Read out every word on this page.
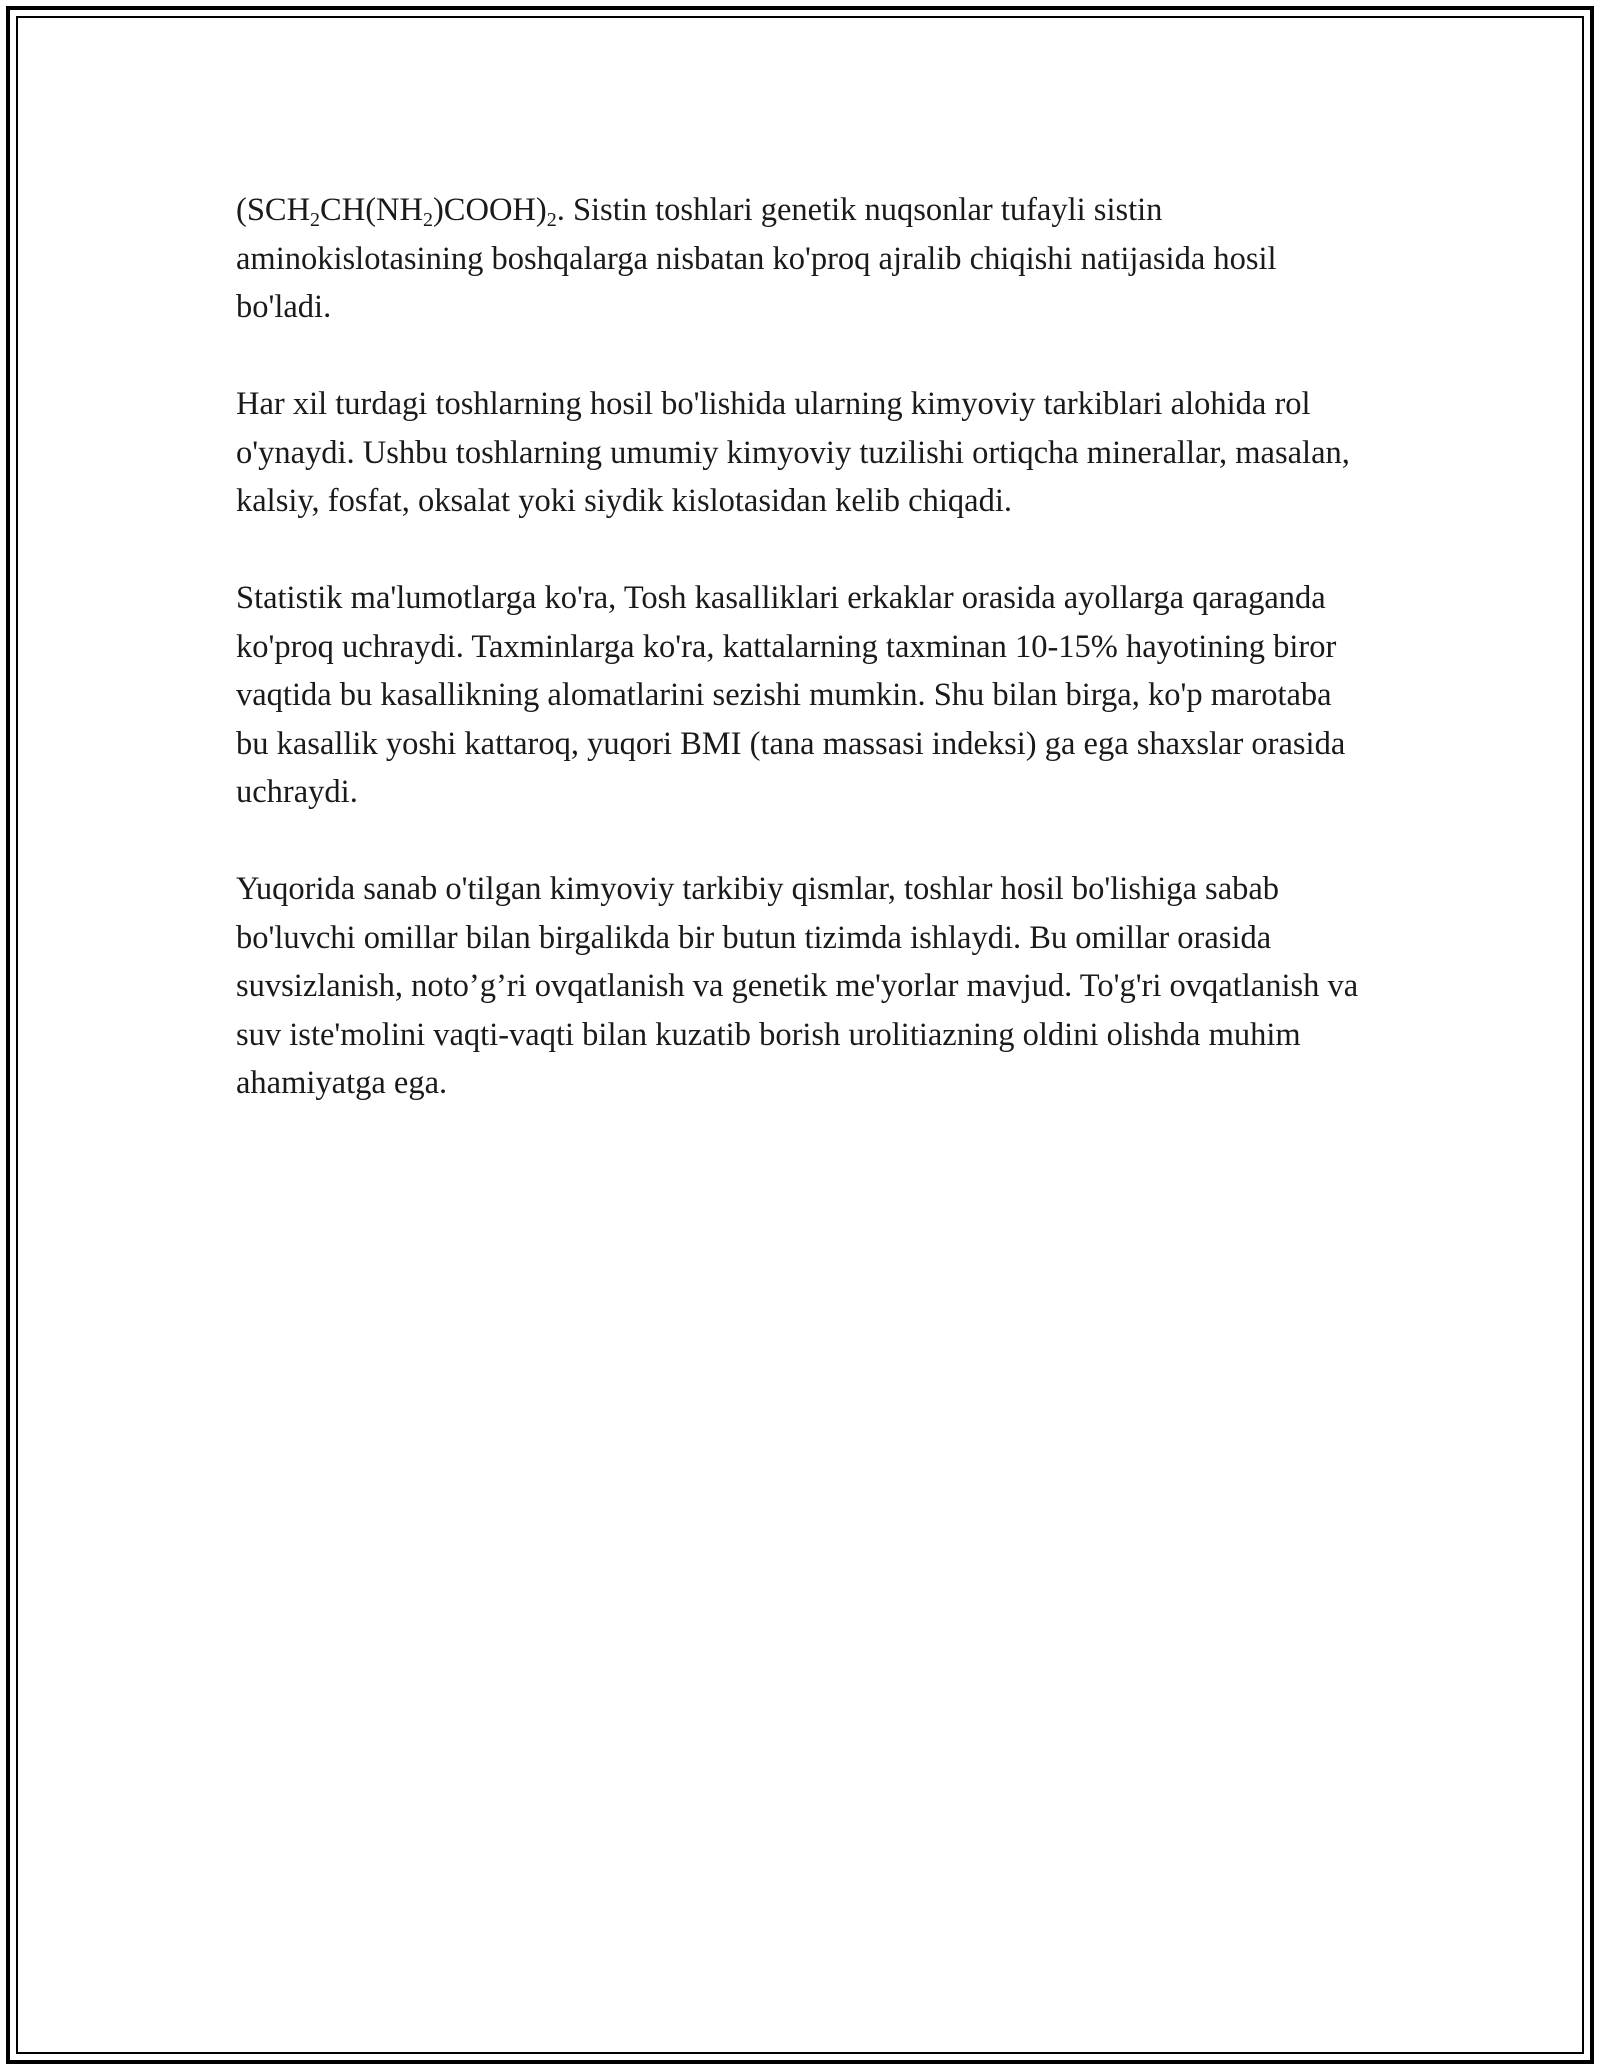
$(SCH_2CH(NH_2)COOH)_2$. Sistin toshlari genetik nuqsonlar tufayli sistin aminokislotasining boshqalarga nisbatan ko'proq ajralib chiqishi natijasida hosil bo'ladi.

Har xil turdagi toshlarning hosil bo'lishida ularning kimyoviy tarkiblari alohida rol o'ynaydi. Ushbu toshlarning umumiy kimyoviy tuzilishi ortiqcha minerallar, masalan, kalsiy, fosfat, oksalat yoki siydik kislotasidan kelib chiqadi.

Statistik ma'lumotlarga ko'ra, Tosh kasalliklari erkaklar orasida ayollarga qaraganda ko'proq uchraydi. Taxminlarga ko'ra, kattalarning taxminan 10-15% hayotining biror vaqtida bu kasallikning alomatlarini sezishi mumkin. Shu bilan birga, ko'p marotaba bu kasallik yoshi kattaroq, yuqori BMI (tana massasi indeksi) ga ega shaxslar orasida uchraydi.

Yuqorida sanab o'tilgan kimyoviy tarkibiy qismlar, toshlar hosil bo'lishiga sabab bo'luvchi omillar bilan birgalikda bir butun tizimda ishlaydi. Bu omillar orasida suvsizlanish, noto’g’ri ovqatlanish va genetik me'yorlar mavjud. To'g'ri ovqatlanish va suv iste'molini vaqti-vaqti bilan kuzatib borish urolitiazning oldini olishda muhim ahamiyatga ega.
